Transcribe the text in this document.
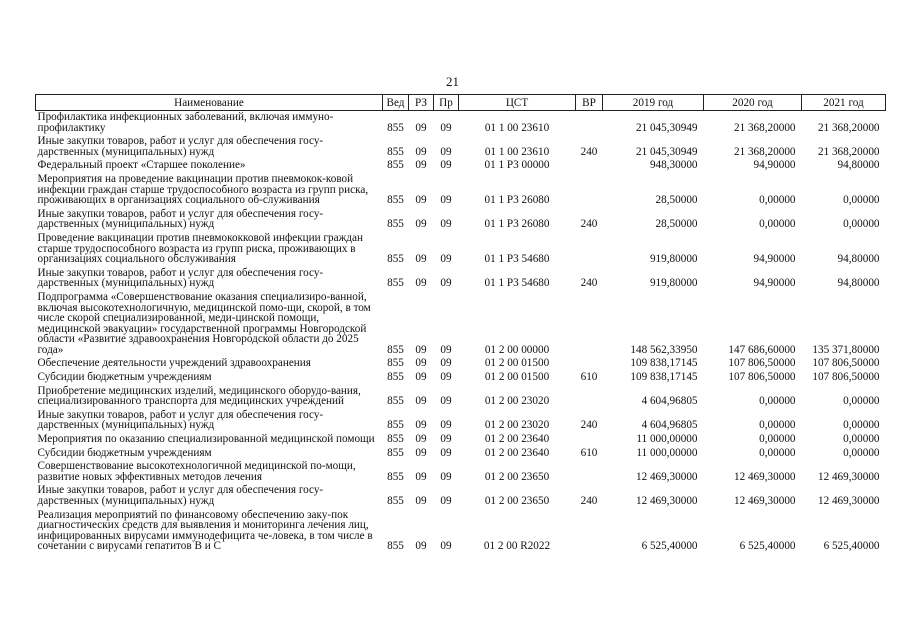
21
Наименование	Вед	РЗ	Пр	ЦСТ	ВР	2019 год	2020 год	2021 год
Профилактика инфекционных заболеваний, включая иммуно-профилактику	855	09	09	01 1 00 23610		21 045,30949	21 368,20000	21 368,20000
Иные закупки товаров, работ и услуг для обеспечения госу-дарственных (муниципальных) нужд	855	09	09	01 1 00 23610	240	21 045,30949	21 368,20000	21 368,20000
Федеральный проект «Старшее поколение»	855	09	09	01 1 P3 00000		948,30000	94,90000	94,80000
Мероприятия на проведение вакцинации против пневмокок-ковой инфекции граждан старше трудоспособного возраста из групп риска, проживающих в организациях социального об-служивания	855	09	09	01 1 P3 26080		28,50000	0,00000	0,00000
Иные закупки товаров, работ и услуг для обеспечения госу-дарственных (муниципальных) нужд	855	09	09	01 1 P3 26080	240	28,50000	0,00000	0,00000
Проведение вакцинации против пневмококковой инфекции граждан старше трудоспособного возраста из групп риска, проживающих в организациях социального обслуживания	855	09	09	01 1 P3 54680		919,80000	94,90000	94,80000
Иные закупки товаров, работ и услуг для обеспечения госу-дарственных (муниципальных) нужд	855	09	09	01 1 P3 54680	240	919,80000	94,90000	94,80000
Подпрограмма «Совершенствование оказания специализиро-ванной, включая высокотехнологичную, медицинской помо-щи, скорой, в том числе скорой специализированной, меди-цинской помощи, медицинской эвакуации» государственной программы Новгородской области «Развитие здравоохранения Новгородской области до 2025 года»	855	09	09	01 2 00 00000		148 562,33950	147 686,60000	135 371,80000
Обеспечение деятельности учреждений здравоохранения	855	09	09	01 2 00 01500		109 838,17145	107 806,50000	107 806,50000
Субсидии бюджетным учреждениям	855	09	09	01 2 00 01500	610	109 838,17145	107 806,50000	107 806,50000
Приобретение медицинских изделий, медицинского оборудо-вания, специализированного транспорта для медицинских учреждений	855	09	09	01 2 00 23020		4 604,96805	0,00000	0,00000
Иные закупки товаров, работ и услуг для обеспечения госу-дарственных (муниципальных) нужд	855	09	09	01 2 00 23020	240	4 604,96805	0,00000	0,00000
Мероприятия по оказанию специализированной медицинской помощи	855	09	09	01 2 00 23640		11 000,00000	0,00000	0,00000
Субсидии бюджетным учреждениям	855	09	09	01 2 00 23640	610	11 000,00000	0,00000	0,00000
Совершенствование высокотехнологичной медицинской по-мощи, развитие новых эффективных методов лечения	855	09	09	01 2 00 23650		12 469,30000	12 469,30000	12 469,30000
Иные закупки товаров, работ и услуг для обеспечения госу-дарственных (муниципальных) нужд	855	09	09	01 2 00 23650	240	12 469,30000	12 469,30000	12 469,30000
Реализация мероприятий по финансовому обеспечению заку-пок диагностических средств для выявления и мониторинга лечения лиц, инфицированных вирусами иммунодефицита че-ловека, в том числе в сочетании с вирусами гепатитов В и С	855	09	09	01 2 00 R2022		6 525,40000	6 525,40000	6 525,40000
